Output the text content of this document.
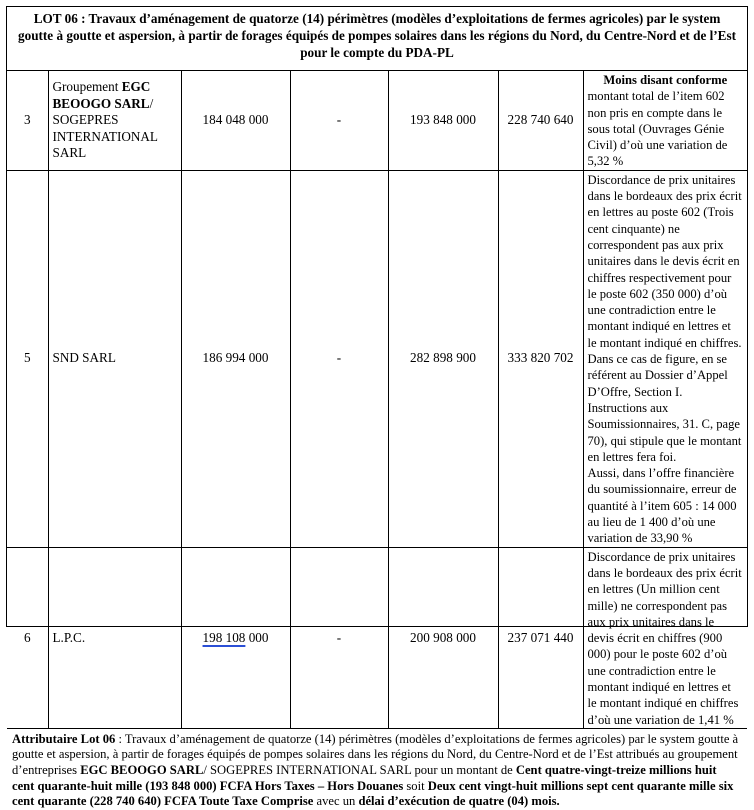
LOT 06 : Travaux d’aménagement de quatorze (14) périmètres (modèles d’exploitations de fermes agricoles) par le system goutte à goutte et aspersion, à partir de forages équipés de pompes solaires dans les régions du Nord, du Centre-Nord et de l’Est pour le compte du PDA-PL
3	Groupement EGC BEOOGO SARL/ SOGEPRES INTERNATIONAL SARL	184 048 000	-	193 848 000	228 740 640	Moins disant conforme
montant total de l’item 602 non pris en compte dans le sous total (Ouvrages Génie Civil) d’où une variation de 5,32 %
5	SND SARL	186 994 000	-	282 898 900	333 820 702	Discordance de prix unitaires dans le bordeaux des prix écrit en lettres au poste 602 (Trois cent cinquante) ne correspondent pas aux prix unitaires dans le devis écrit en chiffres respectivement pour le poste 602 (350 000) d’où une contradiction entre le montant indiqué en lettres et le montant indiqué en chiffres. Dans ce cas de figure, en se référent au Dossier d’Appel D’Offre, Section I. Instructions aux Soumissionnaires, 31. C, page 70), qui stipule que le montant en lettres fera foi.
Aussi, dans l’offre financière du soumissionnaire, erreur de quantité à l’item 605 : 14 000 au lieu de 1 400 d’où une variation de 33,90 %
6	L.P.C.	198 108 000	-	200 908 000	237 071 440	Discordance de prix unitaires dans le bordeaux des prix écrit en lettres (Un million cent mille) ne correspondent pas aux prix unitaires dans le devis écrit en chiffres (900 000) pour le poste 602 d’où une contradiction entre le montant indiqué en lettres et le montant indiqué en chiffres d’où une variation de 1,41 %
Attributaire Lot 06 : Travaux d’aménagement de quatorze (14) périmètres (modèles d’exploitations de fermes agricoles) par le system goutte à goutte et aspersion, à partir de forages équipés de pompes solaires dans les régions du Nord, du Centre-Nord et de l’Est attribués au groupement d’entreprises EGC BEOOGO SARL/ SOGEPRES INTERNATIONAL SARL pour un montant de Cent quatre-vingt-treize millions huit cent quarante-huit mille (193 848 000) FCFA Hors Taxes – Hors Douanes soit Deux cent vingt-huit millions sept cent quarante mille six cent quarante (228 740 640) FCFA Toute Taxe Comprise avec un délai d’exécution de quatre (04) mois.
